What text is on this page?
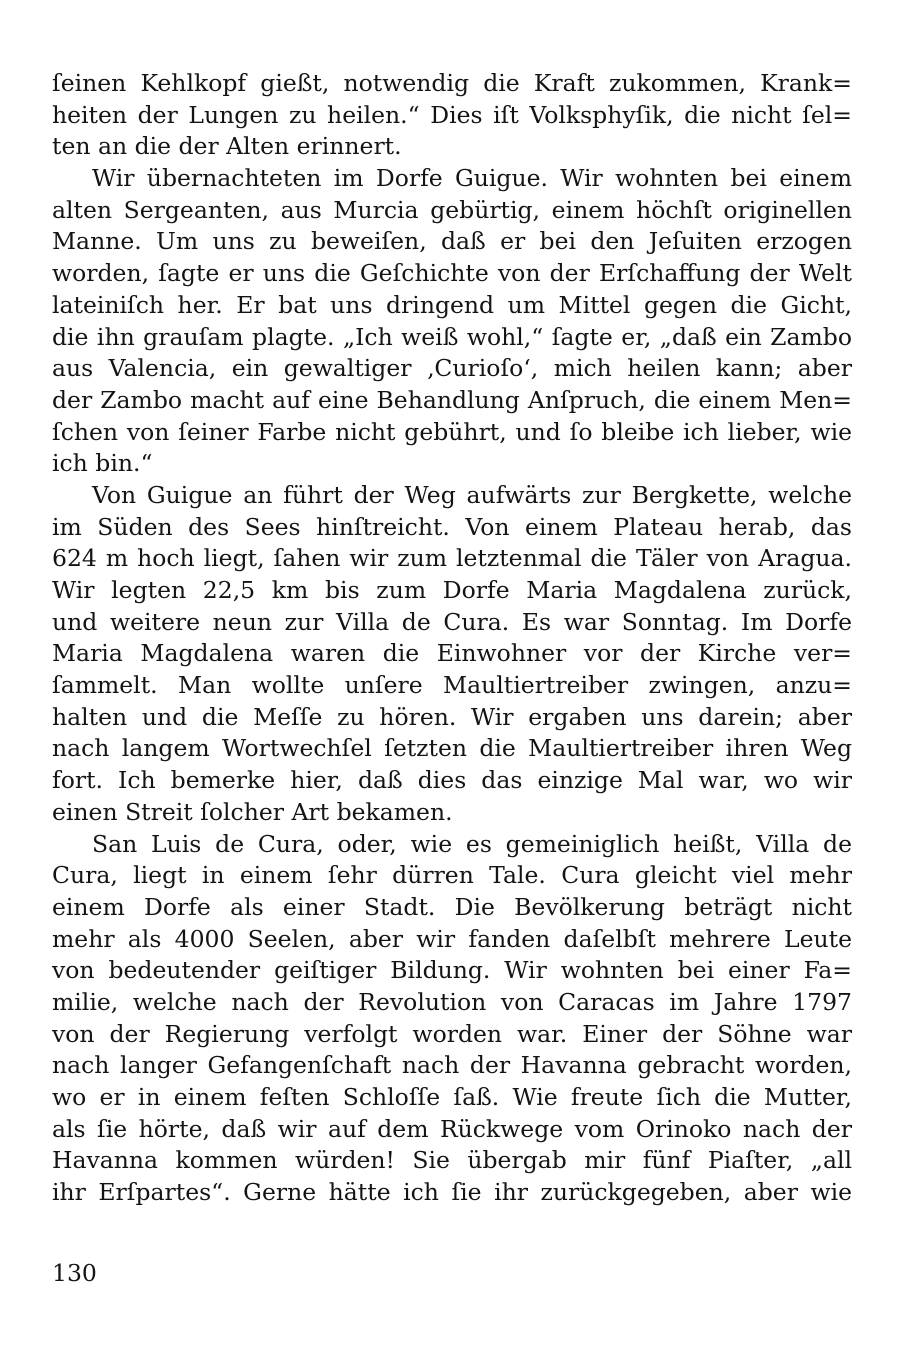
ſeinen Kehlkopf gießt, notwendig die Kraft zukommen, Krank=
heiten der Lungen zu heilen.“ Dies iſt Volksphyſik, die nicht ſel=
ten an die der Alten erinnert.
Wir übernachteten im Dorfe Guigue. Wir wohnten bei einem
alten Sergeanten, aus Murcia gebürtig, einem höchſt originellen
Manne. Um uns zu beweiſen, daß er bei den Jeſuiten erzogen
worden, ſagte er uns die Geſchichte von der Erſchaffung der Welt
lateiniſch her. Er bat uns dringend um Mittel gegen die Gicht,
die ihn grauſam plagte. „Ich weiß wohl,“ ſagte er, „daß ein Zambo
aus Valencia, ein gewaltiger ‚Curioſo‘, mich heilen kann; aber
der Zambo macht auf eine Behandlung Anſpruch, die einem Men=
ſchen von ſeiner Farbe nicht gebührt, und ſo bleibe ich lieber, wie
ich bin.“
Von Guigue an führt der Weg aufwärts zur Bergkette, welche
im Süden des Sees hinſtreicht. Von einem Plateau herab, das
624 m hoch liegt, ſahen wir zum letztenmal die Täler von Aragua.
Wir legten 22,5 km bis zum Dorfe Maria Magdalena zurück,
und weitere neun zur Villa de Cura. Es war Sonntag. Im Dorfe
Maria Magdalena waren die Einwohner vor der Kirche ver=
ſammelt. Man wollte unſere Maultiertreiber zwingen, anzu=
halten und die Meſſe zu hören. Wir ergaben uns darein; aber
nach langem Wortwechſel ſetzten die Maultiertreiber ihren Weg
fort. Ich bemerke hier, daß dies das einzige Mal war, wo wir
einen Streit ſolcher Art bekamen.
San Luis de Cura, oder, wie es gemeiniglich heißt, Villa de
Cura, liegt in einem ſehr dürren Tale. Cura gleicht viel mehr
einem Dorfe als einer Stadt. Die Bevölkerung beträgt nicht
mehr als 4000 Seelen, aber wir fanden daſelbſt mehrere Leute
von bedeutender geiſtiger Bildung. Wir wohnten bei einer Fa=
milie, welche nach der Revolution von Caracas im Jahre 1797
von der Regierung verfolgt worden war. Einer der Söhne war
nach langer Gefangenſchaft nach der Havanna gebracht worden,
wo er in einem feſten Schloſſe ſaß. Wie freute ſich die Mutter,
als ſie hörte, daß wir auf dem Rückwege vom Orinoko nach der
Havanna kommen würden! Sie übergab mir fünf Piaſter, „all
ihr Erſpartes“. Gerne hätte ich ſie ihr zurückgegeben, aber wie
130
